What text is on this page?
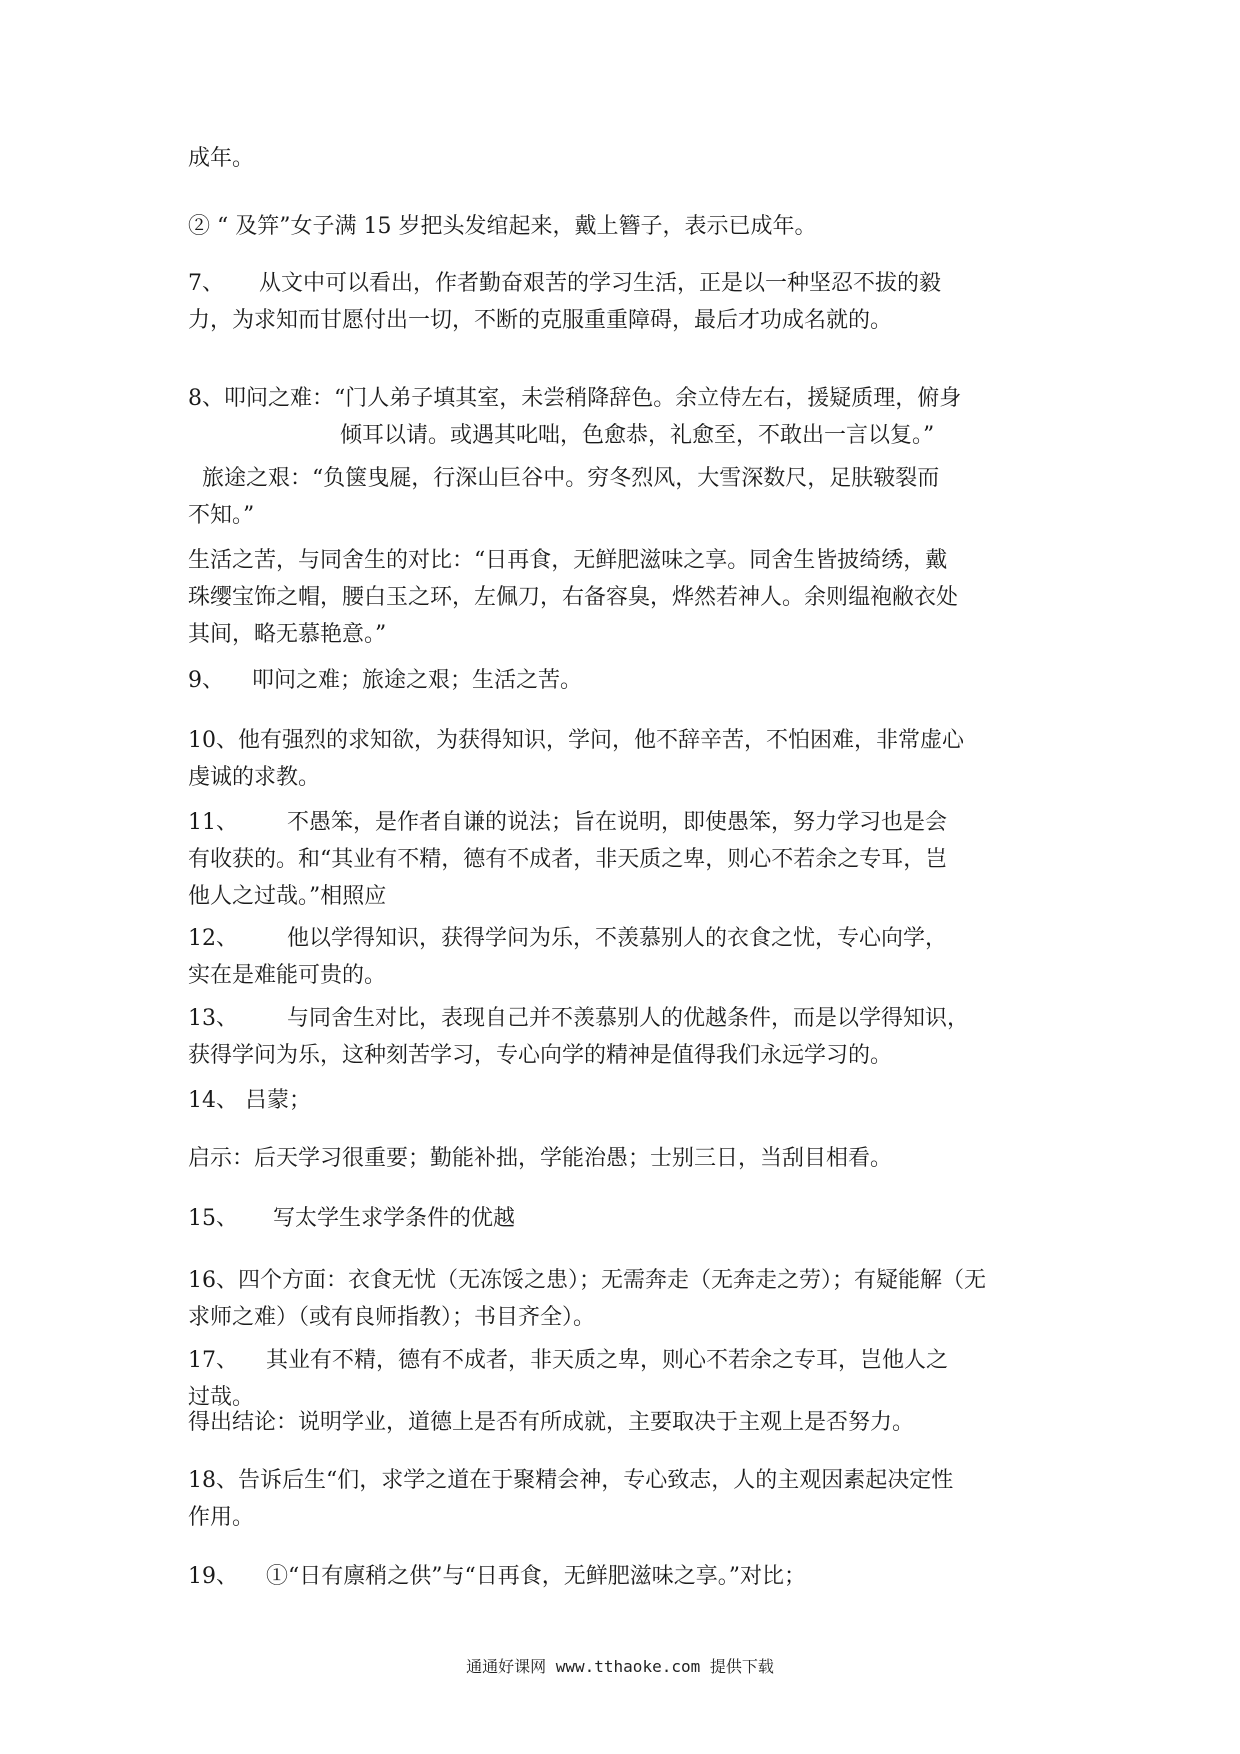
成年。

② “ 及笄”女子满 15 岁把头发绾起来，戴上簪子，表示已成年。

7、     从文中可以看出，作者勤奋艰苦的学习生活，正是以一种坚忍不拔的毅
力，为求知而甘愿付出一切，不断的克服重重障碍，最后才功成名就的。

8、叩问之难：“门人弟子填其室，未尝稍降辞色。余立侍左右，援疑质理，俯身
倾耳以请。或遇其叱咄，色愈恭，礼愈至，不敢出一言以复。”

旅途之艰：“负箧曳屣，行深山巨谷中。穷冬烈风，大雪深数尺，足肤皲裂而
不知。”

生活之苦，与同舍生的对比：“日再食，无鲜肥滋味之享。同舍生皆披绮绣，戴
珠缨宝饰之帽，腰白玉之环，左佩刀，右备容臭，烨然若神人。余则缊袍敝衣处
其间，略无慕艳意。”

9、    叩问之难；旅途之艰；生活之苦。

10、他有强烈的求知欲，为获得知识，学问，他不辞辛苦，不怕困难，非常虚心
虔诚的求教。

11、       不愚笨，是作者自谦的说法；旨在说明，即使愚笨，努力学习也是会
有收获的。和“其业有不精，德有不成者，非天质之卑，则心不若余之专耳，岂
他人之过哉。”相照应

12、       他以学得知识，获得学问为乐，不羡慕别人的衣食之忧，专心向学，
实在是难能可贵的。

13、       与同舍生对比，表现自己并不羡慕别人的优越条件，而是以学得知识，
获得学问为乐，这种刻苦学习，专心向学的精神是值得我们永远学习的。

14、 吕蒙；

启示：后天学习很重要；勤能补拙，学能治愚；士别三日，当刮目相看。

15、     写太学生求学条件的优越

16、四个方面：衣食无忧（无冻馁之患）；无需奔走（无奔走之劳）；有疑能解（无
求师之难）（或有良师指教）；书目齐全）。

17、    其业有不精，德有不成者，非天质之卑，则心不若余之专耳，岂他人之
过哉。

得出结论：说明学业，道德上是否有所成就，主要取决于主观上是否努力。

18、告诉后生“们，求学之道在于聚精会神，专心致志，人的主观因素起决定性
作用。

19、    ①“日有廪稍之供”与“日再食，无鲜肥滋味之享。”对比；

通通好课网 www.tthaoke.com 提供下载
